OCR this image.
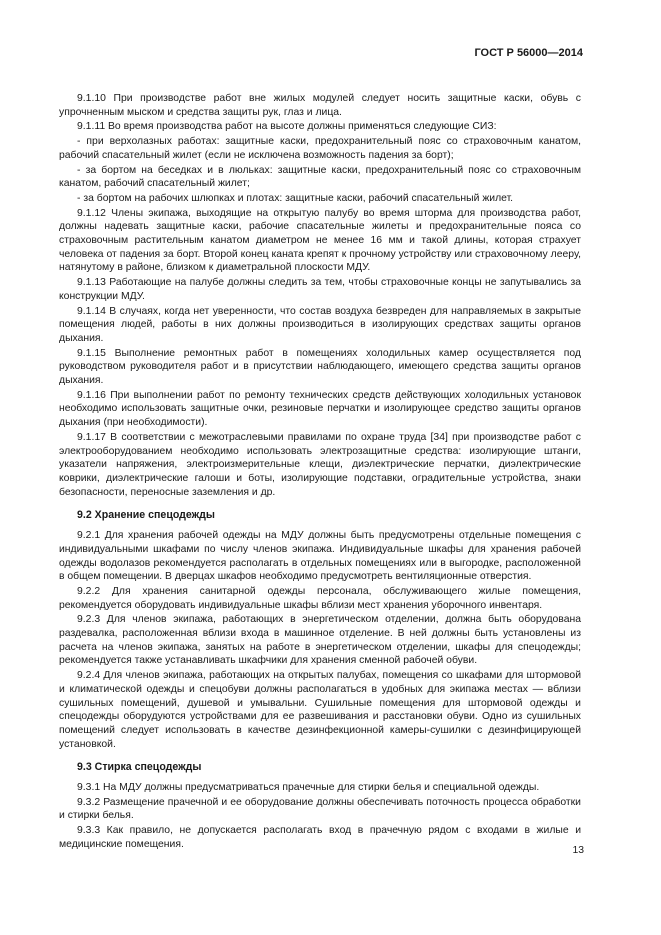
ГОСТ Р 56000—2014

9.1.10 При производстве работ вне жилых модулей следует носить защитные каски, обувь с упрочненным мыском и средства защиты рук, глаз и лица.

9.1.11 Во время производства работ на высоте должны применяться следующие СИЗ:

- при верхолазных работах: защитные каски, предохранительный пояс со страховочным канатом, рабочий спасательный жилет (если не исключена возможность падения за борт);

- за бортом на беседках и в люльках: защитные каски, предохранительный пояс со страховочным канатом, рабочий спасательный жилет;

- за бортом на рабочих шлюпках и плотах: защитные каски, рабочий спасательный жилет.

9.1.12 Члены экипажа, выходящие на открытую палубу во время шторма для производства работ, должны надевать защитные каски, рабочие спасательные жилеты и предохранительные пояса со страховочным растительным канатом диаметром не менее 16 мм и такой длины, которая страхует человека от падения за борт. Второй конец каната крепят к прочному устройству или страховочному лееру, натянутому в районе, близком к диаметральной плоскости МДУ.

9.1.13 Работающие на палубе должны следить за тем, чтобы страховочные концы не запутывались за конструкции МДУ.

9.1.14 В случаях, когда нет уверенности, что состав воздуха безвреден для направляемых в закрытые помещения людей, работы в них должны производиться в изолирующих средствах защиты органов дыхания.

9.1.15 Выполнение ремонтных работ в помещениях холодильных камер осуществляется под руководством руководителя работ и в присутствии наблюдающего, имеющего средства защиты органов дыхания.

9.1.16 При выполнении работ по ремонту технических средств действующих холодильных установок необходимо использовать защитные очки, резиновые перчатки и изолирующее средство защиты органов дыхания (при необходимости).

9.1.17 В соответствии с межотраслевыми правилами по охране труда [34] при производстве работ с электрооборудованием необходимо использовать электрозащитные средства: изолирующие штанги, указатели напряжения, электроизмерительные клещи, диэлектрические перчатки, диэлектрические коврики, диэлектрические галоши и боты, изолирующие подставки, оградительные устройства, знаки безопасности, переносные заземления и др.

9.2 Хранение спецодежды

9.2.1 Для хранения рабочей одежды на МДУ должны быть предусмотрены отдельные помещения с индивидуальными шкафами по числу членов экипажа. Индивидуальные шкафы для хранения рабочей одежды водолазов рекомендуется располагать в отдельных помещениях или в выгородке, расположенной в общем помещении. В дверцах шкафов необходимо предусмотреть вентиляционные отверстия.

9.2.2 Для хранения санитарной одежды персонала, обслуживающего жилые помещения, рекомендуется оборудовать индивидуальные шкафы вблизи мест хранения уборочного инвентаря.

9.2.3 Для членов экипажа, работающих в энергетическом отделении, должна быть оборудована раздевалка, расположенная вблизи входа в машинное отделение. В ней должны быть установлены из расчета на членов экипажа, занятых на работе в энергетическом отделении, шкафы для спецодежды; рекомендуется также устанавливать шкафчики для хранения сменной рабочей обуви.

9.2.4 Для членов экипажа, работающих на открытых палубах, помещения со шкафами для штормовой и климатической одежды и спецобуви должны располагаться в удобных для экипажа местах — вблизи сушильных помещений, душевой и умывальни. Сушильные помещения для штормовой одежды и спецодежды оборудуются устройствами для ее развешивания и расстановки обуви. Одно из сушильных помещений следует использовать в качестве дезинфекционной камеры-сушилки с дезинфицирующей установкой.

9.3 Стирка спецодежды

9.3.1 На МДУ должны предусматриваться прачечные для стирки белья и специальной одежды.

9.3.2 Размещение прачечной и ее оборудование должны обеспечивать поточность процесса обработки и стирки белья.

9.3.3 Как правило, не допускается располагать вход в прачечную рядом с входами в жилые и медицинские помещения.

13
